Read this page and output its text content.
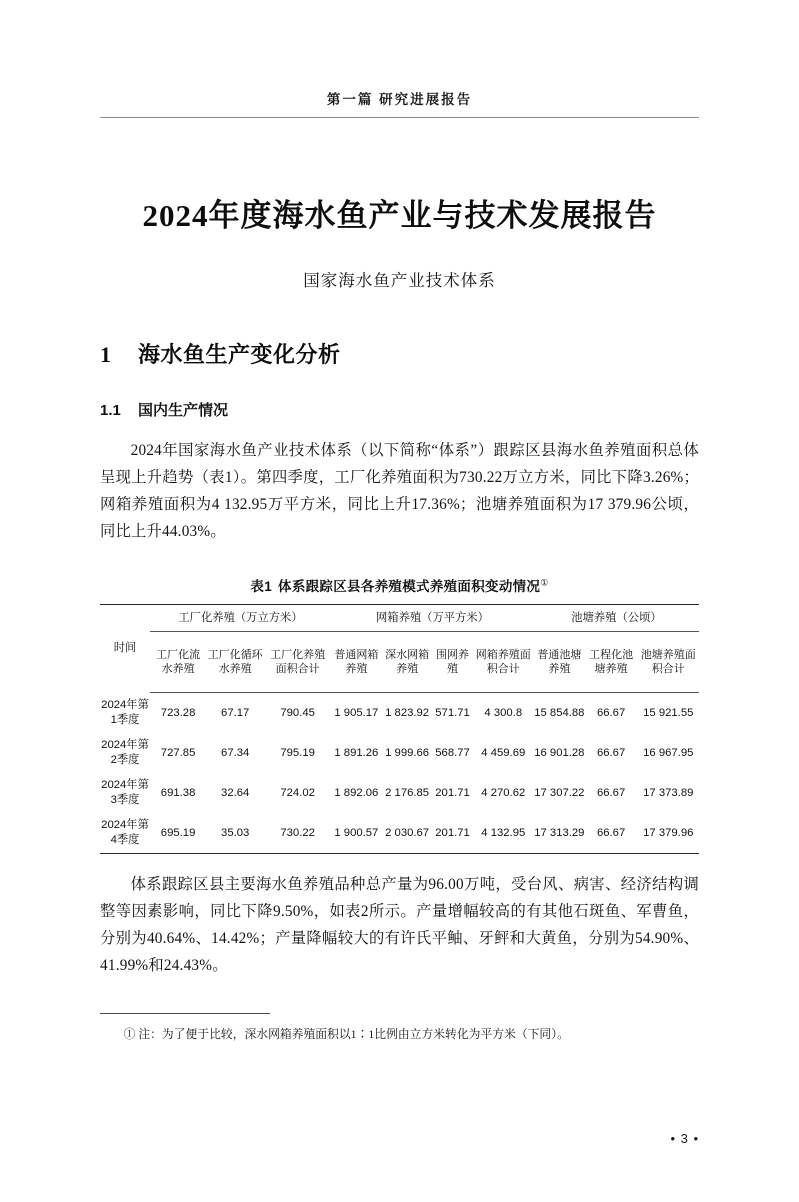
第一篇 研究进展报告
2024年度海水鱼产业与技术发展报告
国家海水鱼产业技术体系
1 海水鱼生产变化分析
1.1 国内生产情况

2024年国家海水鱼产业技术体系（以下简称“体系”）跟踪区县海水鱼养殖面积总体呈现上升趋势（表1）。第四季度，工厂化养殖面积为730.22万立方米，同比下降3.26%；网箱养殖面积为4 132.95万平方米，同比上升17.36%；池塘养殖面积为17 379.96公顷，同比上升44.03%。

表1 体系跟踪区县各养殖模式养殖面积变动情况①
时间	工厂化养殖（万立方米）			网箱养殖（万平方米）				池塘养殖（公顷）		
	工厂化流水养殖	工厂化循环水养殖	工厂化养殖面积合计	普通网箱养殖	深水网箱养殖	围网养殖	网箱养殖面积合计	普通池塘养殖	工程化池塘养殖	池塘养殖面积合计
2024年第1季度	723.28	67.17	790.45	1 905.17	1 823.92	571.71	4 300.8	15 854.88	66.67	15 921.55
2024年第2季度	727.85	67.34	795.19	1 891.26	1 999.66	568.77	4 459.69	16 901.28	66.67	16 967.95
2024年第3季度	691.38	32.64	724.02	1 892.06	2 176.85	201.71	4 270.62	17 307.22	66.67	17 373.89
2024年第4季度	695.19	35.03	730.22	1 900.57	2 030.67	201.71	4 132.95	17 313.29	66.67	17 379.96

体系跟踪区县主要海水鱼养殖品种总产量为96.00万吨，受台风、病害、经济结构调整等因素影响，同比下降9.50%，如表2所示。产量增幅较高的有其他石斑鱼、军曹鱼，分别为40.64%、14.42%；产量降幅较大的有许氏平鲉、牙鲆和大黄鱼，分别为54.90%、41.99%和24.43%。

① 注：为了便于比较，深水网箱养殖面积以1∶1比例由立方米转化为平方米（下同）。
• 3 •
